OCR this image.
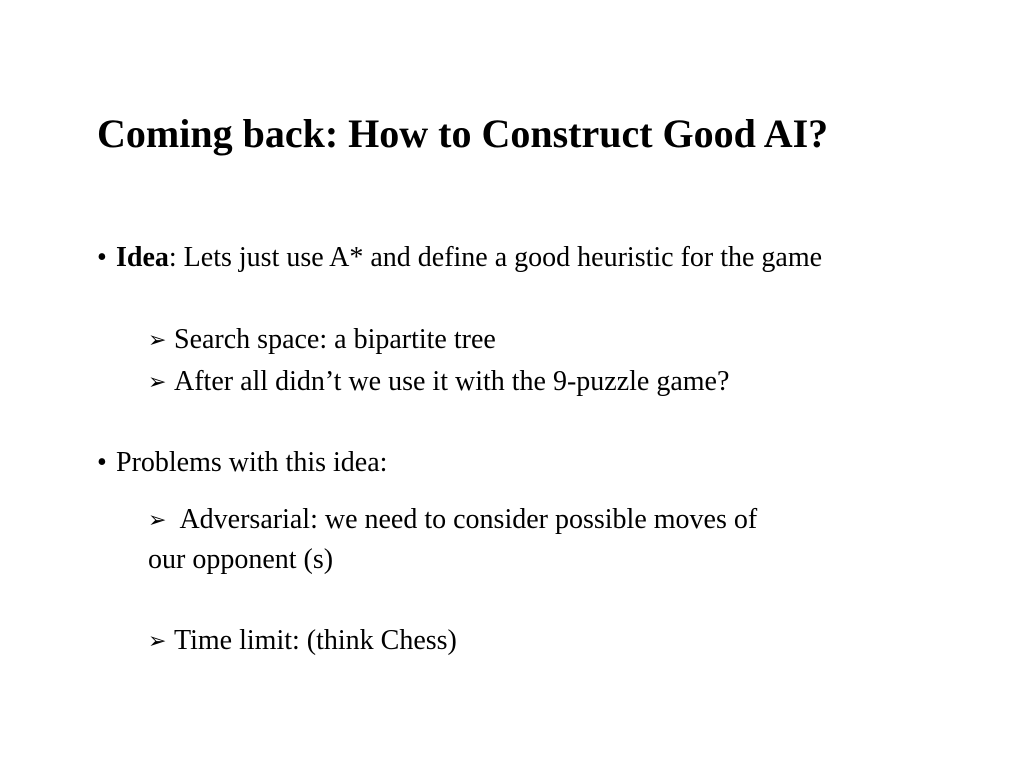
Coming back: How to Construct Good AI?
• Idea: Lets just use A* and define a good heuristic for the game
➢ Search space: a bipartite tree
➢ After all didn’t we use it with the 9-puzzle game?
• Problems with this idea:
➢ Adversarial: we need to consider possible moves of
our opponent (s)
➢ Time limit: (think Chess)
